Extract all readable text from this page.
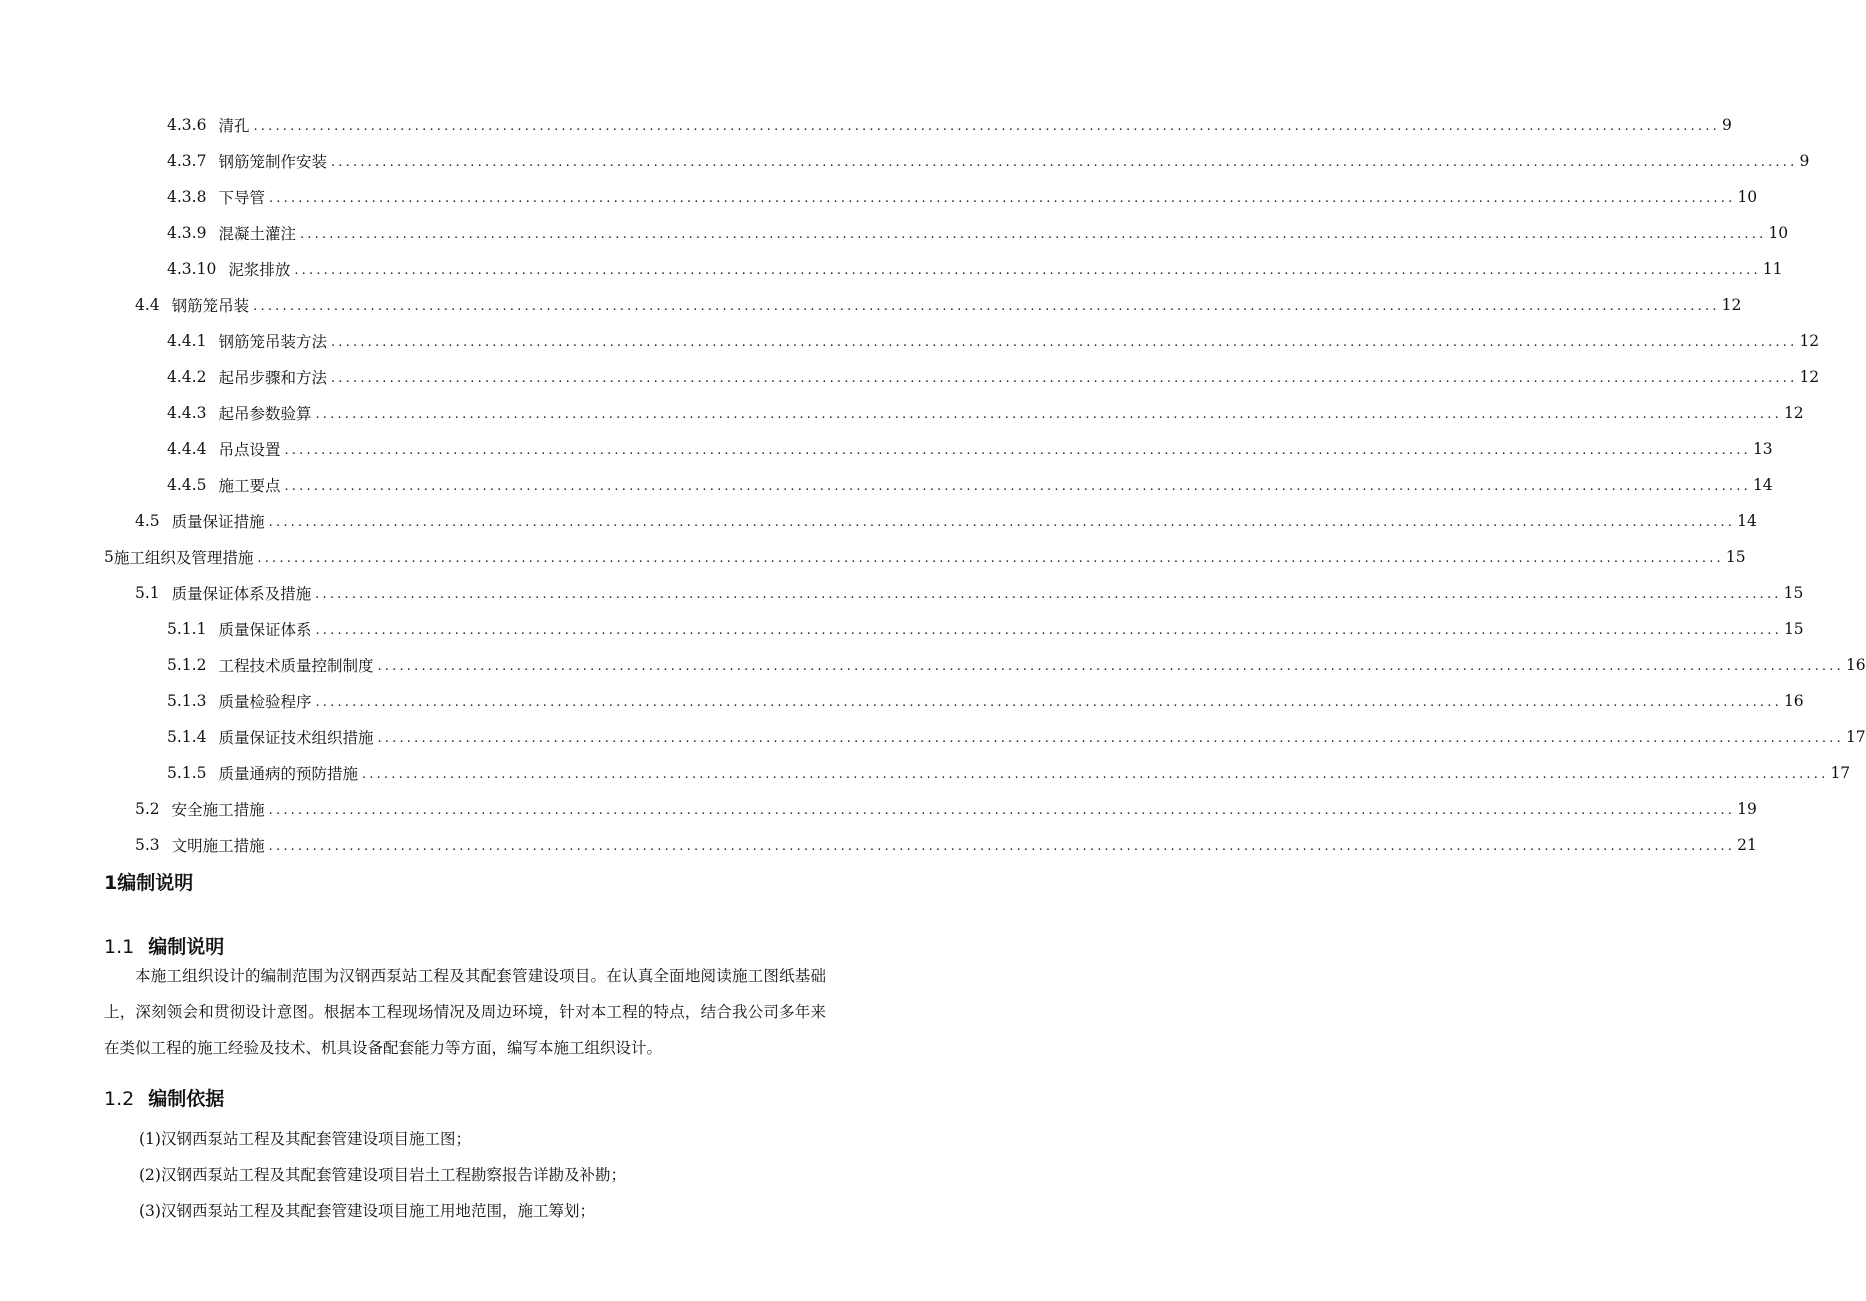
4.3.6 清孔 ........................................................................................................................................................................................................ 9
4.3.7 钢筋笼制作安装 ........................................................................................................................................................................................................ 9
4.3.8 下导管 ........................................................................................................................................................................................................ 10
4.3.9 混凝土灌注 ........................................................................................................................................................................................................ 10
4.3.10 泥浆排放 ........................................................................................................................................................................................................ 11
4.4 钢筋笼吊装 ........................................................................................................................................................................................................ 12
4.4.1 钢筋笼吊装方法 ........................................................................................................................................................................................................ 12
4.4.2 起吊步骤和方法 ........................................................................................................................................................................................................ 12
4.4.3 起吊参数验算 ........................................................................................................................................................................................................ 12
4.4.4 吊点设置 ........................................................................................................................................................................................................ 13
4.4.5 施工要点 ........................................................................................................................................................................................................ 14
4.5 质量保证措施 ........................................................................................................................................................................................................ 14
5 施工组织及管理措施 ........................................................................................................................................................................................................ 15
5.1 质量保证体系及措施 ........................................................................................................................................................................................................ 15
5.1.1 质量保证体系 ........................................................................................................................................................................................................ 15
5.1.2 工程技术质量控制制度 ........................................................................................................................................................................................................ 16
5.1.3 质量检验程序 ........................................................................................................................................................................................................ 16
5.1.4 质量保证技术组织措施 ........................................................................................................................................................................................................ 17
5.1.5 质量通病的预防措施 ........................................................................................................................................................................................................ 17
5.2 安全施工措施 ........................................................................................................................................................................................................ 19
5.3 文明施工措施 ........................................................................................................................................................................................................ 21
1编制说明
1.1 编制说明
本施工组织设计的编制范围为汉钢西泵站工程及其配套管建设项目。在认真全面地阅读施工图纸基础上，深刻领会和贯彻设计意图。根据本工程现场情况及周边环境，针对本工程的特点，结合我公司多年来在类似工程的施工经验及技术、机具设备配套能力等方面，编写本施工组织设计。
1.2 编制依据
(1)汉钢西泵站工程及其配套管建设项目施工图；
(2)汉钢西泵站工程及其配套管建设项目岩土工程勘察报告详勘及补勘；
(3)汉钢西泵站工程及其配套管建设项目施工用地范围，施工筹划；
